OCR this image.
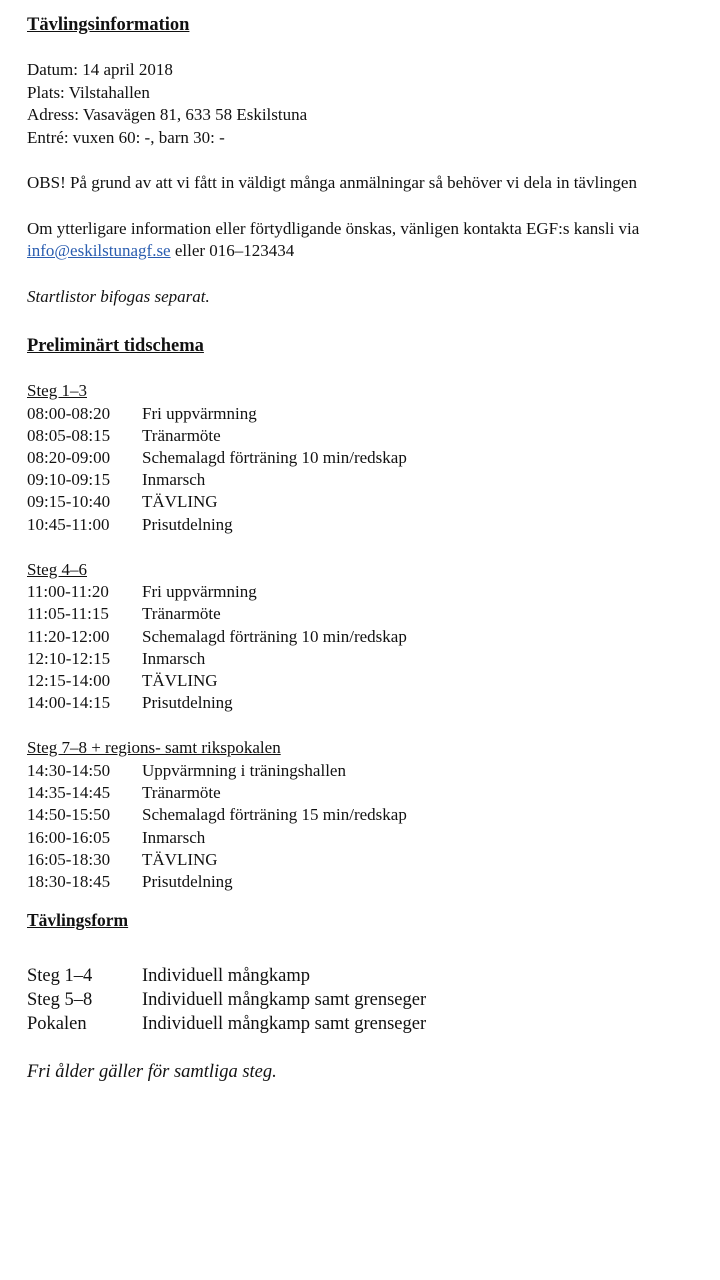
Tävlingsinformation
Datum: 14 april 2018
Plats: Vilstahallen
Adress: Vasavägen 81, 633 58 Eskilstuna
Entré: vuxen 60: -, barn 30: -
OBS! På grund av att vi fått in väldigt många anmälningar så behöver vi dela in tävlingen
Om ytterligare information eller förtydligande önskas, vänligen kontakta EGF:s kansli via
info@eskilstunagf.se eller 016–123434
Startlistor bifogas separat.
Preliminärt tidschema
Steg 1–3
08:00-08:20	Fri uppvärmning
08:05-08:15	Tränarmöte
08:20-09:00	Schemalagd förträning 10 min/redskap
09:10-09:15	Inmarsch
09:15-10:40	TÄVLING
10:45-11:00	Prisutdelning
Steg 4–6
11:00-11:20	Fri uppvärmning
11:05-11:15	Tränarmöte
11:20-12:00	Schemalagd förträning 10 min/redskap
12:10-12:15	Inmarsch
12:15-14:00	TÄVLING
14:00-14:15	Prisutdelning
Steg 7–8 + regions- samt rikspokalen
14:30-14:50	Uppvärmning i träningshallen
14:35-14:45	Tränarmöte
14:50-15:50	Schemalagd förträning 15 min/redskap
16:00-16:05	Inmarsch
16:05-18:30	TÄVLING
18:30-18:45	Prisutdelning
Tävlingsform
Steg 1–4	Individuell mångkamp
Steg 5–8	Individuell mångkamp samt grenseger
Pokalen	Individuell mångkamp samt grenseger
Fri ålder gäller för samtliga steg.
